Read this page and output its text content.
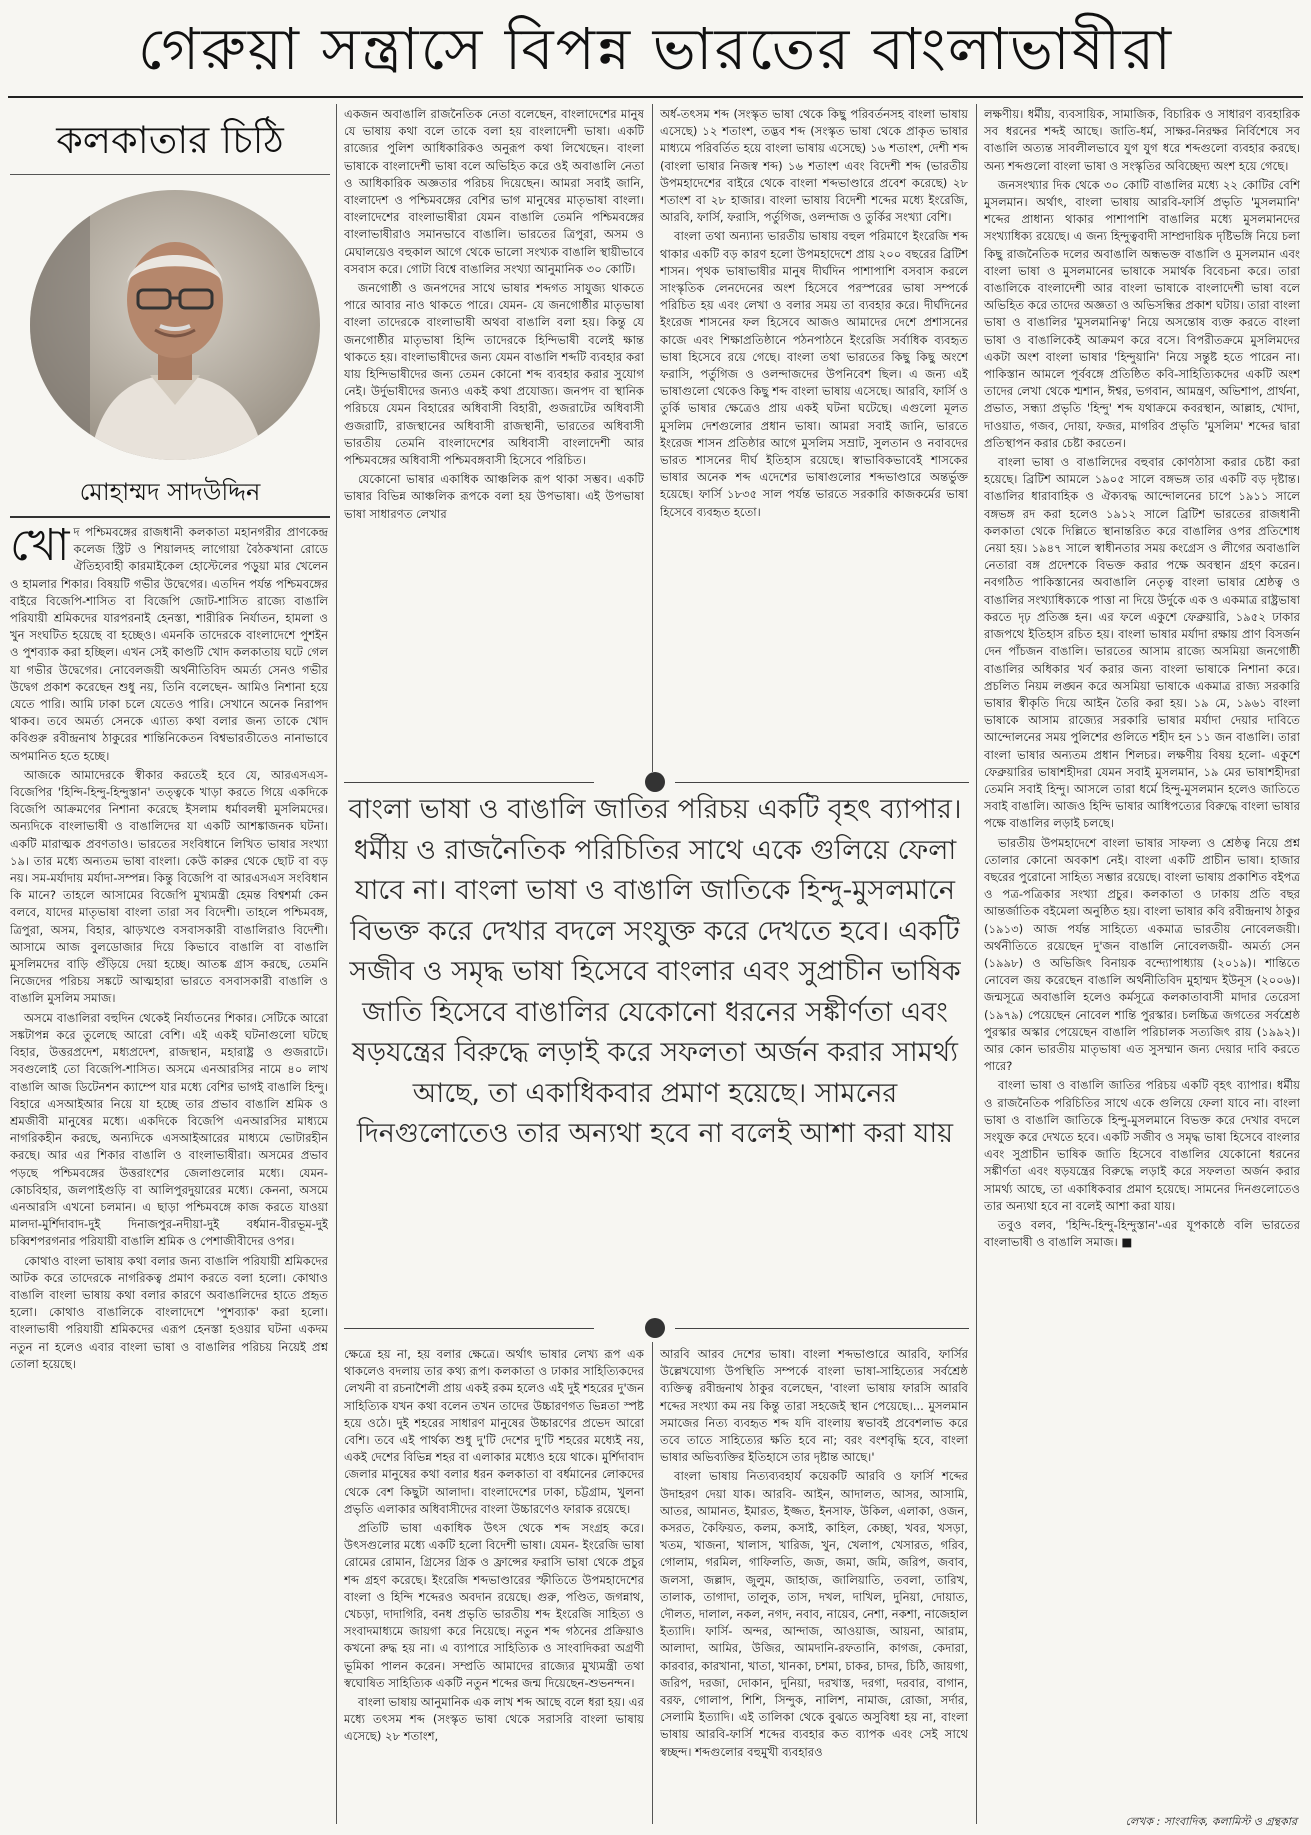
গেরুয়া সন্ত্রাসে বিপন্ন ভারতের বাংলাভাষীরা
কলকাতার চিঠি
মোহাম্মদ সাদউদ্দিন
খো দ পশ্চিমবঙ্গের রাজধানী কলকাতা মহানগরীর প্রাণকেন্দ্র কলেজ স্ট্রিট ও শিয়ালদহ লাগোয়া বৈঠকখানা রোডে ঐতিহ্যবাহী কারমাইকেল হোস্টেলের পড়ুয়া মার খেলেন ও হামলার শিকার। বিষয়টি গভীর উদ্বেগের। এতদিন পর্যন্ত পশ্চিমবঙ্গের বাইরে বিজেপি-শাসিত বা বিজেপি জোট-শাসিত রাজ্যে বাঙালি পরিযায়ী শ্রমিকদের যারপরনাই হেনস্তা, শারীরিক নির্যাতন, হামলা ও খুন সংঘটিত হয়েছে বা হচ্ছেও। এমনকি তাদেরকে বাংলাদেশে পুশইন ও পুশব্যাক করা হচ্ছিল। এখন সেই কাণ্ডটি খোদ কলকাতায় ঘটে গেল যা গভীর উদ্বেগের। নোবেলজয়ী অর্থনীতিবিদ অমর্ত্য সেনও গভীর উদ্বেগ প্রকাশ করেছেন শুধু নয়, তিনি বলেছেন- আমিও নিশানা হয়ে যেতে পারি। আমি ঢাকা চলে যেতেও পারি। সেখানে অনেক নিরাপদ থাকব। তবে অমর্ত্য সেনকে এ্যাত্য কথা বলার জন্য তাকে খোদ কবিগুরু রবীন্দ্রনাথ ঠাকুরের শান্তিনিকেতন বিশ্বভারতীতেও নানাভাবে অপমানিত হতে হচ্ছে।

আজকে আমাদেরকে স্বীকার করতেই হবে যে, আরএসএস-বিজেপির 'হিন্দি-হিন্দু-হিন্দুস্তান' তত্ত্বকে খাড়া করতে গিয়ে একদিকে বিজেপি আক্রমণের নিশানা করেছে ইসলাম ধর্মাবলম্বী মুসলিমদের। অন্যদিকে বাংলাভাষী ও বাঙালিদের যা একটি আশঙ্কাজনক ঘটনা। একটি মারাত্মক প্রবণতাও। ভারতের সংবিধানে লিখিত ভাষার সংখ্যা ১৯। তার মধ্যে অন্যতম ভাষা বাংলা। কেউ কারুর থেকে ছোট বা বড় নয়। সম-মর্যাদায় মর্যাদা-সম্পন্ন। কিন্তু বিজেপি বা আরএসএস সংবিধান কি মানে? তাহলে আসামের বিজেপি মুখ্যমন্ত্রী হেমন্ত বিশ্বশর্মা কেন বলবে, যাদের মাতৃভাষা বাংলা তারা সব বিদেশী। তাহলে পশ্চিমবঙ্গ, ত্রিপুরা, অসম, বিহার, ঝাড়খণ্ডে বসবাসকারী বাঙালিরাও বিদেশী। আসামে আজ বুলডোজার দিয়ে কিভাবে বাঙালি বা বাঙালি মুসলিমদের বাড়ি গুঁড়িয়ে দেয়া হচ্ছে। আতঙ্ক গ্রাস করছে, তেমনি নিজেদের পরিচয় সঙ্কটে আত্মহারা ভারতে বসবাসকারী বাঙালি ও বাঙালি মুসলিম সমাজ।

অসমে বাঙালিরা বহুদিন থেকেই নির্যাতনের শিকার। সেটিকে আরো সঙ্কটাপন্ন করে তুলেছে আরো বেশি। এই একই ঘটনাগুলো ঘটছে বিহার, উত্তরপ্রদেশ, মধ্যপ্রদেশ, রাজস্থান, মহারাষ্ট্র ও গুজরাটে। সবগুলোই তো বিজেপি-শাসিত। অসমে এনআরসির নামে ৪০ লাখ বাঙালি আজ ডিটেনশন ক্যাম্পে যার মধ্যে বেশির ভাগই বাঙালি হিন্দু। বিহারে এসআইআর নিয়ে যা হচ্ছে তার প্রভাব বাঙালি শ্রমিক ও শ্রমজীবী মানুষের মধ্যে। একদিকে বিজেপি এনআরসির মাধ্যমে নাগরিকহীন করছে, অন্যদিকে এসআইআরের মাধ্যমে ভোটারহীন করছে। আর এর শিকার বাঙালি ও বাংলাভাষীরা। অসমের প্রভাব পড়ছে পশ্চিমবঙ্গের উত্তরাংশের জেলাগুলোর মধ্যে। যেমন- কোচবিহার, জলপাইগুড়ি বা আলিপুরদুয়ারের মধ্যে। কেননা, অসমে এনআরসি এখনো চলমান। এ ছাড়া পশ্চিমবঙ্গে কাজ করতে যাওয়া মালদা-মুর্শিদাবাদ-দুই দিনাজপুর-নদীয়া-দুই বর্ধমান-বীরভূম-দুই চব্বিশপরগনার পরিযায়ী বাঙালি শ্রমিক ও পেশাজীবীদের ওপর।

কোথাও বাংলা ভাষায় কথা বলার জন্য বাঙালি পরিযায়ী শ্রমিকদের আটক করে তাদেরকে নাগরিকত্ব প্রমাণ করতে বলা হলো। কোথাও বাঙালি বাংলা ভাষায় কথা বলার কারণে অবাঙালিদের হাতে প্রহৃত হলো। কোথাও বাঙালিকে বাংলাদেশে 'পুশব্যাক' করা হলো। বাংলাভাষী পরিযায়ী শ্রমিকদের এরূপ হেনস্তা হওয়ার ঘটনা একদম নতুন না হলেও এবার বাংলা ভাষা ও বাঙালির পরিচয় নিয়েই প্রশ্ন তোলা হয়েছে।

একজন অবাঙালি রাজনৈতিক নেতা বলেছেন, বাংলাদেশের মানুষ যে ভাষায় কথা বলে তাকে বলা হয় বাংলাদেশী ভাষা। একটি রাজ্যের পুলিশ আধিকারিকও অনুরূপ কথা লিখেছেন। বাংলা ভাষাকে বাংলাদেশী ভাষা বলে অভিহিত করে ওই অবাঙালি নেতা ও আধিকারিক অজ্ঞতার পরিচয় দিয়েছেন। আমরা সবাই জানি, বাংলাদেশ ও পশ্চিমবঙ্গের বেশির ভাগ মানুষের মাতৃভাষা বাংলা। বাংলাদেশের বাংলাভাষীরা যেমন বাঙালি তেমনি পশ্চিমবঙ্গের বাংলাভাষীরাও সমানভাবে বাঙালি। ভারতের ত্রিপুরা, অসম ও মেঘালয়েও বহুকাল আগে থেকে ভালো সংখ্যক বাঙালি স্থায়ীভাবে বসবাস করে। গোটা বিশ্বে বাঙালির সংখ্যা আনুমানিক ৩০ কোটি।

জনগোষ্ঠী ও জনপদের সাথে ভাষার শব্দগত সাযুজ্য থাকতে পারে আবার নাও থাকতে পারে। যেমন- যে জনগোষ্ঠীর মাতৃভাষা বাংলা তাদেরকে বাংলাভাষী অথবা বাঙালি বলা হয়। কিন্তু যে জনগোষ্ঠীর মাতৃভাষা হিন্দি তাদেরকে হিন্দিভাষী বলেই ক্ষান্ত থাকতে হয়। বাংলাভাষীদের জন্য যেমন বাঙালি শব্দটি ব্যবহার করা যায় হিন্দিভাষীদের জন্য তেমন কোনো শব্দ ব্যবহার করার সুযোগ নেই। উর্দুভাষীদের জন্যও একই কথা প্রযোজ্য। জনপদ বা স্থানিক পরিচয়ে যেমন বিহারের অধিবাসী বিহারী, গুজরাটের অধিবাসী গুজরাটি, রাজস্থানের অধিবাসী রাজস্থানী, ভারতের অধিবাসী ভারতীয় তেমনি বাংলাদেশের অধিবাসী বাংলাদেশী আর পশ্চিমবঙ্গের অধিবাসী পশ্চিমবঙ্গবাসী হিসেবে পরিচিত।

যেকোনো ভাষার একাধিক আঞ্চলিক রূপ থাকা সম্ভব। একটি ভাষার বিভিন্ন আঞ্চলিক রূপকে বলা হয় উপভাষা। এই উপভাষা ভাষা সাধারণত লেখার

অর্ধ-তৎসম শব্দ (সংস্কৃত ভাষা থেকে কিছু পরিবর্তনসহ বাংলা ভাষায় এসেছে) ১২ শতাংশ, তদ্ভব শব্দ (সংস্কৃত ভাষা থেকে প্রাকৃত ভাষার মাধ্যমে পরিবর্তিত হয়ে বাংলা ভাষায় এসেছে) ১৬ শতাংশ, দেশী শব্দ (বাংলা ভাষার নিজস্ব শব্দ) ১৬ শতাংশ এবং বিদেশী শব্দ (ভারতীয় উপমহাদেশের বাইরে থেকে বাংলা শব্দভাণ্ডারে প্রবেশ করেছে) ২৮ শতাংশ বা ২৮ হাজার। বাংলা ভাষায় বিদেশী শব্দের মধ্যে ইংরেজি, আরবি, ফার্সি, ফরাসি, পর্তুগিজ, ওলন্দাজ ও তুর্কির সংখ্যা বেশি।

বাংলা তথা অন্যান্য ভারতীয় ভাষায় বহুল পরিমাণে ইংরেজি শব্দ থাকার একটি বড় কারণ হলো উপমহাদেশে প্রায় ২০০ বছরের ব্রিটিশ শাসন। পৃথক ভাষাভাষীর মানুষ দীর্ঘদিন পাশাপাশি বসবাস করলে সাংস্কৃতিক লেনদেনের অংশ হিসেবে পরস্পরের ভাষা সম্পর্কে পরিচিত হয় এবং লেখা ও বলার সময় তা ব্যবহার করে। দীর্ঘদিনের ইংরেজ শাসনের ফল হিসেবে আজও আমাদের দেশে প্রশাসনের কাজে এবং শিক্ষাপ্রতিষ্ঠানে পঠনপাঠনে ইংরেজি সর্বাধিক ব্যবহৃত ভাষা হিসেবে রয়ে গেছে। বাংলা তথা ভারতের কিছু কিছু অংশে ফরাসি, পর্তুগিজ ও ওলন্দাজদের উপনিবেশ ছিল। এ জন্য এই ভাষাগুলো থেকেও কিছু শব্দ বাংলা ভাষায় এসেছে। আরবি, ফার্সি ও তুর্কি ভাষার ক্ষেত্রেও প্রায় একই ঘটনা ঘটেছে। এগুলো মূলত মুসলিম দেশগুলোর প্রধান ভাষা। আমরা সবাই জানি, ভারতে ইংরেজ শাসন প্রতিষ্ঠার আগে মুসলিম সম্রাট, সুলতান ও নবাবদের ভারত শাসনের দীর্ঘ ইতিহাস রয়েছে। স্বাভাবিকভাবেই শাসকের ভাষার অনেক শব্দ এদেশের ভাষাগুলোর শব্দভাণ্ডারে অন্তর্ভুক্ত হয়েছে। ফার্সি ১৮৩৫ সাল পর্যন্ত ভারতে সরকারি কাজকর্মের ভাষা হিসেবে ব্যবহৃত হতো।

বাংলা ভাষা ও বাঙালি জাতির পরিচয় একটি বৃহৎ ব্যাপার। ধর্মীয় ও রাজনৈতিক পরিচিতির সাথে একে গুলিয়ে ফেলা যাবে না। বাংলা ভাষা ও বাঙালি জাতিকে হিন্দু-মুসলমানে বিভক্ত করে দেখার বদলে সংযুক্ত করে দেখতে হবে। একটি সজীব ও সমৃদ্ধ ভাষা হিসেবে বাংলার এবং সুপ্রাচীন ভাষিক জাতি হিসেবে বাঙালির যেকোনো ধরনের সঙ্কীর্ণতা এবং ষড়যন্ত্রের বিরুদ্ধে লড়াই করে সফলতা অর্জন করার সামর্থ্য আছে, তা একাধিকবার প্রমাণ হয়েছে। সামনের দিনগুলোতেও তার অন্যথা হবে না বলেই আশা করা যায়

ক্ষেত্রে হয় না, হয় বলার ক্ষেত্রে। অর্থাৎ ভাষার লেখ্য রূপ এক থাকলেও বদলায় তার কথ্য রূপ। কলকাতা ও ঢাকার সাহিত্যিকদের লেখনী বা রচনাশৈলী প্রায় একই রকম হলেও এই দুই শহরের দু'জন সাহিত্যিক যখন কথা বলেন তখন তাদের উচ্চারণগত ভিন্নতা স্পষ্ট হয়ে ওঠে। দুই শহরের সাধারণ মানুষের উচ্চারণের প্রভেদ আরো বেশি। তবে এই পার্থক্য শুধু দু'টি দেশের দু'টি শহরের মধ্যেই নয়, একই দেশের বিভিন্ন শহর বা এলাকার মধ্যেও হয়ে থাকে। মুর্শিদাবাদ জেলার মানুষের কথা বলার ধরন কলকাতা বা বর্ধমানের লোকদের থেকে বেশ কিছুটা আলাদা। বাংলাদেশের ঢাকা, চট্টগ্রাম, খুলনা প্রভৃতি এলাকার অধিবাসীদের বাংলা উচ্চারণেও ফারাক রয়েছে।

প্রতিটি ভাষা একাধিক উৎস থেকে শব্দ সংগ্রহ করে। উৎসগুলোর মধ্যে একটি হলো বিদেশী ভাষা। যেমন- ইংরেজি ভাষা রোমের রোমান, গ্রিসের গ্রিক ও ফ্রান্সের ফরাসি ভাষা থেকে প্রচুর শব্দ গ্রহণ করেছে। ইংরেজি শব্দভাণ্ডারের স্ফীতিতে উপমহাদেশের বাংলা ও হিন্দি শব্দেরও অবদান রয়েছে। গুরু, পণ্ডিত, জগন্নাথ, খেচড়া, দাদাগিরি, বনধ প্রভৃতি ভারতীয় শব্দ ইংরেজি সাহিত্য ও সংবাদমাধ্যমে জায়গা করে নিয়েছে। নতুন শব্দ গঠনের প্রক্রিয়াও কখনো রুদ্ধ হয় না। এ ব্যাপারে সাহিত্যিক ও সাংবাদিকরা অগ্রণী ভূমিকা পালন করেন। সম্প্রতি আমাদের রাজ্যের মুখ্যমন্ত্রী তথা স্বঘোষিত সাহিত্যিক একটি নতুন শব্দের জন্ম দিয়েছেন-শুভনন্দন।

বাংলা ভাষায় আনুমানিক এক লাখ শব্দ আছে বলে ধরা হয়। এর মধ্যে তৎসম শব্দ (সংস্কৃত ভাষা থেকে সরাসরি বাংলা ভাষায় এসেছে) ২৮ শতাংশ,

আরবি আরব দেশের ভাষা। বাংলা শব্দভাণ্ডারে আরবি, ফার্সির উল্লেখযোগ্য উপস্থিতি সম্পর্কে বাংলা ভাষা-সাহিত্যের সর্বশ্রেষ্ঠ ব্যক্তিত্ব রবীন্দ্রনাথ ঠাকুর বলেছেন, 'বাংলা ভাষায় ফারসি আরবি শব্দের সংখ্যা কম নয় কিন্তু তারা সহজেই স্থান পেয়েছে।... মুসলমান সমাজের নিত্য ব্যবহৃত শব্দ যদি বাংলায় স্বভাবই প্রবেশলাভ করে তবে তাতে সাহিত্যের ক্ষতি হবে না; বরং বংশবৃদ্ধি হবে, বাংলা ভাষার অভিব্যক্তির ইতিহাসে তার দৃষ্টান্ত আছে।'

বাংলা ভাষায় নিত্যব্যবহার্য কয়েকটি আরবি ও ফার্সি শব্দের উদাহরণ দেয়া যাক। আরবি- আইন, আদালত, আসর, আসামি, আতর, আমানত, ইমারত, ইজ্জত, ইনসাফ, উকিল, এলাকা, ওজন, কসরত, কৈফিয়ত, কলম, কসাই, কাহিল, কেচ্ছা, খবর, খসড়া, খতম, খাজনা, খালাস, খারিজ, খুন, খেলাপ, খেসারত, গরিব, গোলাম, গরমিল, গাফিলতি, জজ, জমা, জমি, জরিপ, জবাব, জলসা, জল্লাদ, জুলুম, জাহাজ, জালিয়াতি, তবলা, তারিখ, তালাক, তাগাদা, তালুক, তাস, দখল, দাখিল, দুনিয়া, দোয়াত, দৌলত, দালাল, নকল, নগদ, নবাব, নায়েব, নেশা, নকশা, নাজেহাল ইত্যাদি। ফার্সি- অন্দর, আন্দাজ, আওয়াজ, আয়না, আরাম, আলাদা, আমির, উজির, আমদানি-রফতানি, কাগজ, কেদারা, কারবার, কারখানা, খাতা, খানকা, চশমা, চাকর, চাদর, চিঠি, জায়গা, জরিপ, দরজা, দোকান, দুনিয়া, দরখাস্ত, দরগা, দরবার, বাগান, বরফ, গোলাপ, শিশি, সিন্দুক, নালিশ, নামাজ, রোজা, সর্দার, সেলামি ইত্যাদি। এই তালিকা থেকে বুঝতে অসুবিধা হয় না, বাংলা ভাষায় আরবি-ফার্সি শব্দের ব্যবহার কত ব্যাপক এবং সেই সাথে স্বচ্ছন্দ। শব্দগুলোর বহুমুখী ব্যবহারও

লক্ষণীয়। ধর্মীয়, ব্যবসায়িক, সামাজিক, বিচারিক ও সাধারণ ব্যবহারিক সব ধরনের শব্দই আছে। জাতি-ধর্ম, সাক্ষর-নিরক্ষর নির্বিশেষে সব বাঙালি অত্যন্ত সাবলীলভাবে যুগ যুগ ধরে শব্দগুলো ব্যবহার করছে। অন্য শব্দগুলো বাংলা ভাষা ও সংস্কৃতির অবিচ্ছেদ্য অংশ হয়ে গেছে।

জনসংখ্যার দিক থেকে ৩০ কোটি বাঙালির মধ্যে ২২ কোটির বেশি মুসলমান। অর্থাৎ, বাংলা ভাষায় আরবি-ফার্সি প্রভৃতি 'মুসলমানি' শব্দের প্রাধান্য থাকার পাশাপাশি বাঙালির মধ্যে মুসলমানদের সংখ্যাধিক্য রয়েছে। এ জন্য হিন্দুত্ববাদী সাম্প্রদায়িক দৃষ্টিভঙ্গি নিয়ে চলা কিছু রাজনৈতিক দলের অবাঙালি অন্ধভক্ত বাঙালি ও মুসলমান এবং বাংলা ভাষা ও মুসলমানের ভাষাকে সমার্থক বিবেচনা করে। তারা বাঙালিকে বাংলাদেশী আর বাংলা ভাষাকে বাংলাদেশী ভাষা বলে অভিহিত করে তাদের অজ্ঞতা ও অভিসন্ধির প্রকাশ ঘটায়। তারা বাংলা ভাষা ও বাঙালির 'মুসলমানিত্ব' নিয়ে অসন্তোষ ব্যক্ত করতে বাংলা ভাষা ও বাঙালিকেই আক্রমণ করে বসে। বিপরীতক্রমে মুসলিমদের একটা অংশ বাংলা ভাষার 'হিন্দুয়ানি' নিয়ে সন্তুষ্ট হতে পারেন না। পাকিস্তান আমলে পূর্ববঙ্গে প্রতিষ্ঠিত কবি-সাহিত্যিকদের একটি অংশ তাদের লেখা থেকে শ্মশান, ঈশ্বর, ভগবান, আমন্ত্রণ, অভিশাপ, প্রার্থনা, প্রভাত, সন্ধ্যা প্রভৃতি 'হিন্দু' শব্দ যথাক্রমে কবরস্থান, আল্লাহ, খোদা, দাওয়াত, গজব, দোয়া, ফজর, মাগরিব প্রভৃতি 'মুসলিম' শব্দের দ্বারা প্রতিস্থাপন করার চেষ্টা করতেন।

বাংলা ভাষা ও বাঙালিদের বহুবার কোণঠাসা করার চেষ্টা করা হয়েছে। ব্রিটিশ আমলে ১৯০৫ সালে বঙ্গভঙ্গ তার একটি বড় দৃষ্টান্ত। বাঙালির ধারাবাহিক ও ঐক্যবদ্ধ আন্দোলনের চাপে ১৯১১ সালে বঙ্গভঙ্গ রদ করা হলেও ১৯১২ সালে ব্রিটিশ ভারতের রাজধানী কলকাতা থেকে দিল্লিতে স্থানান্তরিত করে বাঙালির ওপর প্রতিশোধ নেয়া হয়। ১৯৪৭ সালে স্বাধীনতার সময় কংগ্রেস ও লীগের অবাঙালি নেতারা বঙ্গ প্রদেশকে বিভক্ত করার পক্ষে অবস্থান গ্রহণ করেন। নবগঠিত পাকিস্তানের অবাঙালি নেতৃত্ব বাংলা ভাষার শ্রেষ্ঠত্ব ও বাঙালির সংখ্যাধিক্যকে পাত্তা না দিয়ে উর্দুকে এক ও একমাত্র রাষ্ট্রভাষা করতে দৃঢ় প্রতিজ্ঞ হন। এর ফলে একুশে ফেব্রুয়ারি, ১৯৫২ ঢাকার রাজপথে ইতিহাস রচিত হয়। বাংলা ভাষার মর্যাদা রক্ষায় প্রাণ বিসর্জন দেন পাঁচজন বাঙালি। ভারতের আসাম রাজ্যে অসমিয়া জনগোষ্ঠী বাঙালির অধিকার খর্ব করার জন্য বাংলা ভাষাকে নিশানা করে। প্রচলিত নিয়ম লঙ্ঘন করে অসমিয়া ভাষাকে একমাত্র রাজ্য সরকারি ভাষার স্বীকৃতি দিয়ে আইন তৈরি করা হয়। ১৯ মে, ১৯৬১ বাংলা ভাষাকে আসাম রাজ্যের সরকারি ভাষার মর্যাদা দেয়ার দাবিতে আন্দোলনের সময় পুলিশের গুলিতে শহীদ হন ১১ জন বাঙালি। তারা বাংলা ভাষার অন্যতম প্রধান শিলচর। লক্ষণীয় বিষয় হলো- একুশে ফেব্রুয়ারির ভাষাশহীদরা যেমন সবাই মুসলমান, ১৯ মের ভাষাশহীদরা তেমনি সবাই হিন্দু। আসলে তারা ধর্মে হিন্দু-মুসলমান হলেও জাতিতে সবাই বাঙালি। আজও হিন্দি ভাষার আধিপত্যের বিরুদ্ধে বাংলা ভাষার পক্ষে বাঙালির লড়াই চলছে।

ভারতীয় উপমহাদেশে বাংলা ভাষার সাফল্য ও শ্রেষ্ঠত্ব নিয়ে প্রশ্ন তোলার কোনো অবকাশ নেই। বাংলা একটি প্রাচীন ভাষা। হাজার বছরের পুরোনো সাহিত্য সম্ভার রয়েছে। বাংলা ভাষায় প্রকাশিত বইপত্র ও পত্র-পত্রিকার সংখ্যা প্রচুর। কলকাতা ও ঢাকায় প্রতি বছর আন্তর্জাতিক বইমেলা অনুষ্ঠিত হয়। বাংলা ভাষার কবি রবীন্দ্রনাথ ঠাকুর (১৯১৩) আজ পর্যন্ত সাহিত্যে একমাত্র ভারতীয় নোবেলজয়ী। অর্থনীতিতে রয়েছেন দু'জন বাঙালি নোবেলজয়ী- অমর্ত্য সেন (১৯৯৮) ও অভিজিৎ বিনায়ক বন্দ্যোপাধ্যায় (২০১৯)। শান্তিতে নোবেল জয় করেছেন বাঙালি অর্থনীতিবিদ মুহাম্মদ ইউনূস (২০০৬)। জন্মসূত্রে অবাঙালি হলেও কর্মসূত্রে কলকাতাবাসী মাদার তেরেসা (১৯৭৯) পেয়েছেন নোবেল শান্তি পুরস্কার। চলচ্চিত্র জগতের সর্বশ্রেষ্ঠ পুরস্কার অস্কার পেয়েছেন বাঙালি পরিচালক সত্যজিৎ রায় (১৯৯২)। আর কোন ভারতীয় মাতৃভাষা এত সুসম্মান জন্য দেয়ার দাবি করতে পারে?

বাংলা ভাষা ও বাঙালি জাতির পরিচয় একটি বৃহৎ ব্যাপার। ধর্মীয় ও রাজনৈতিক পরিচিতির সাথে একে গুলিয়ে ফেলা যাবে না। বাংলা ভাষা ও বাঙালি জাতিকে হিন্দু-মুসলমানে বিভক্ত করে দেখার বদলে সংযুক্ত করে দেখতে হবে। একটি সজীব ও সমৃদ্ধ ভাষা হিসেবে বাংলার এবং সুপ্রাচীন ভাষিক জাতি হিসেবে বাঙালির যেকোনো ধরনের সঙ্কীর্ণতা এবং ষড়যন্ত্রের বিরুদ্ধে লড়াই করে সফলতা অর্জন করার সামর্থ্য আছে, তা একাধিকবার প্রমাণ হয়েছে। সামনের দিনগুলোতেও তার অন্যথা হবে না বলেই আশা করা যায়।

তবুও বলব, 'হিন্দি-হিন্দু-হিন্দুস্তান'-এর যূপকাষ্ঠে বলি ভারতের বাংলাভাষী ও বাঙালি সমাজ। ■

লেখক : সাংবাদিক, কলামিস্ট ও গ্রন্থকার
